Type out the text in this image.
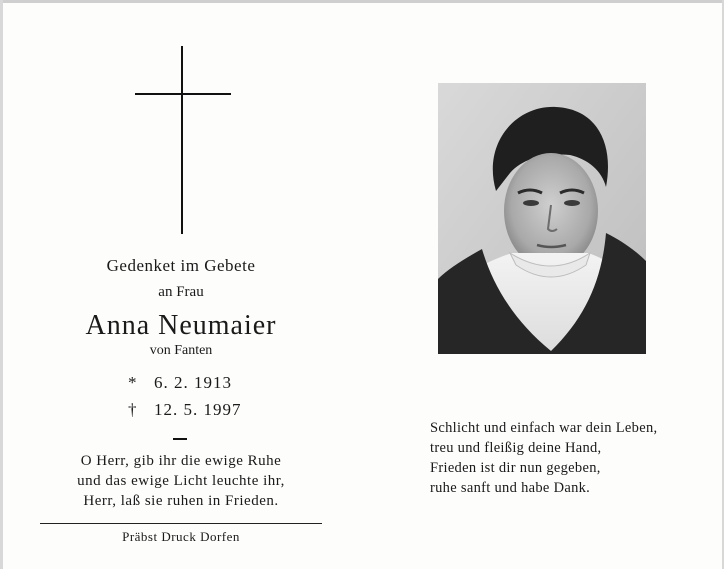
Gedenket im Gebete
an Frau
Anna Neumaier
von Fanten
* 6. 2. 1913
† 12. 5. 1997
O Herr, gib ihr die ewige Ruhe
und das ewige Licht leuchte ihr,
Herr, laß sie ruhen in Frieden.
Präbst Druck Dorfen
Schlicht und einfach war dein Leben,
treu und fleißig deine Hand,
Frieden ist dir nun gegeben,
ruhe sanft und habe Dank.
